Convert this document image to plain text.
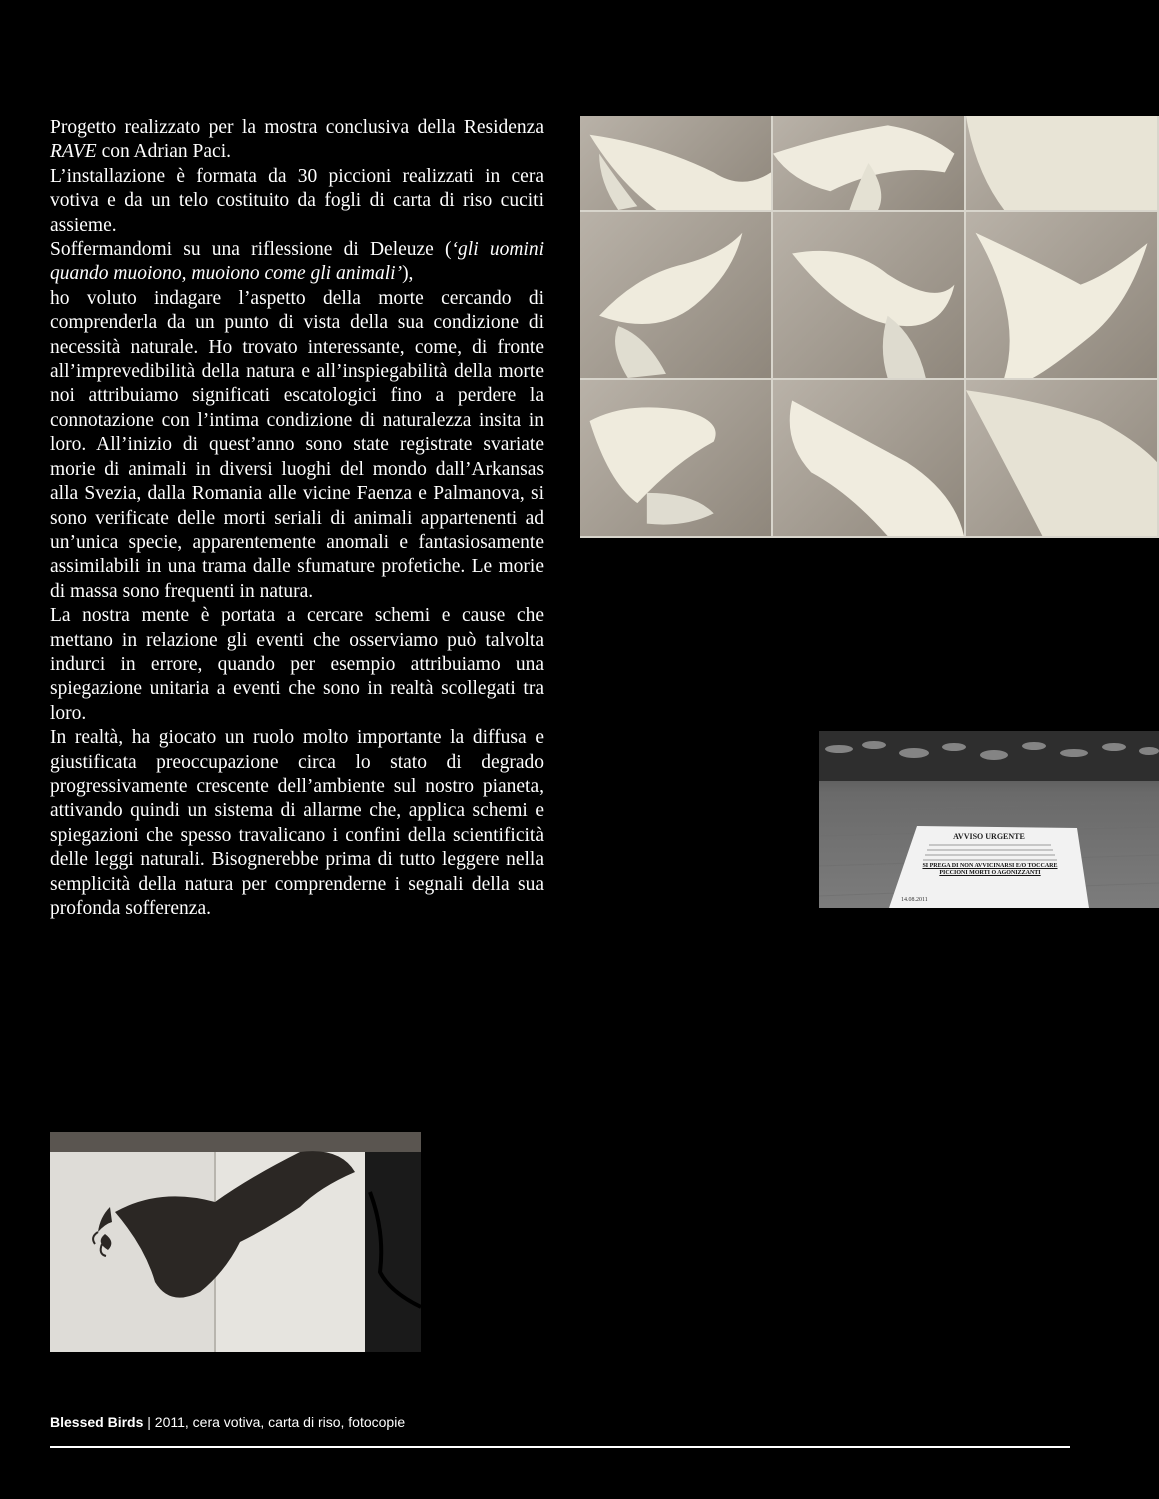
Progetto realizzato per la mostra conclusiva della Residenza RAVE con Adrian Paci.

L’installazione è formata da 30 piccioni realizzati in cera votiva e da un telo costituito da fogli di carta di riso cuciti assieme.

Soffermandomi su una riflessione di Deleuze (‘gli uomini quando muoiono, muoiono come gli animali’),

ho voluto indagare l’aspetto della morte cercando di comprenderla da un punto di vista della sua condizione di necessità naturale. Ho trovato interessante, come, di fronte all’imprevedibilità della natura e all’inspiegabilità della morte noi attribuiamo significati escatologici fino a perdere la connotazione con l’intima condizione di naturalezza insita in loro. All’inizio di quest’anno sono state registrate svariate morie di animali in diversi luoghi del mondo dall’Arkansas alla Svezia, dalla Romania alle vicine Faenza e Palmanova, si sono verificate delle morti seriali di animali appartenenti ad un’unica specie, apparentemente anomali e fantasiosamente assimilabili in una trama dalle sfumature profetiche. Le morie di massa sono frequenti in natura.

La nostra mente è portata a cercare schemi e cause che mettano in relazione gli eventi che osserviamo può talvolta indurci in errore, quando per esempio attribuiamo una spiegazione unitaria a eventi che sono in realtà scollegati tra loro.

In realtà, ha giocato un ruolo molto importante la diffusa e giustificata preoccupazione circa lo stato di degrado progressivamente crescente dell’ambiente sul nostro pianeta, attivando quindi un sistema di allarme che, applica schemi e spiegazioni che spesso travalicano i confini della scientificità delle leggi naturali. Bisognerebbe prima di tutto leggere nella semplicità della natura per comprenderne i segnali della sua profonda sofferenza.

AVVISO URGENTE
SI PREGA DI NON AVVICINARSI E/O TOCCARE PICCIONI MORTI O AGONIZZANTI
14.08.2011
Blessed Birds | 2011, cera votiva, carta di riso, fotocopie
